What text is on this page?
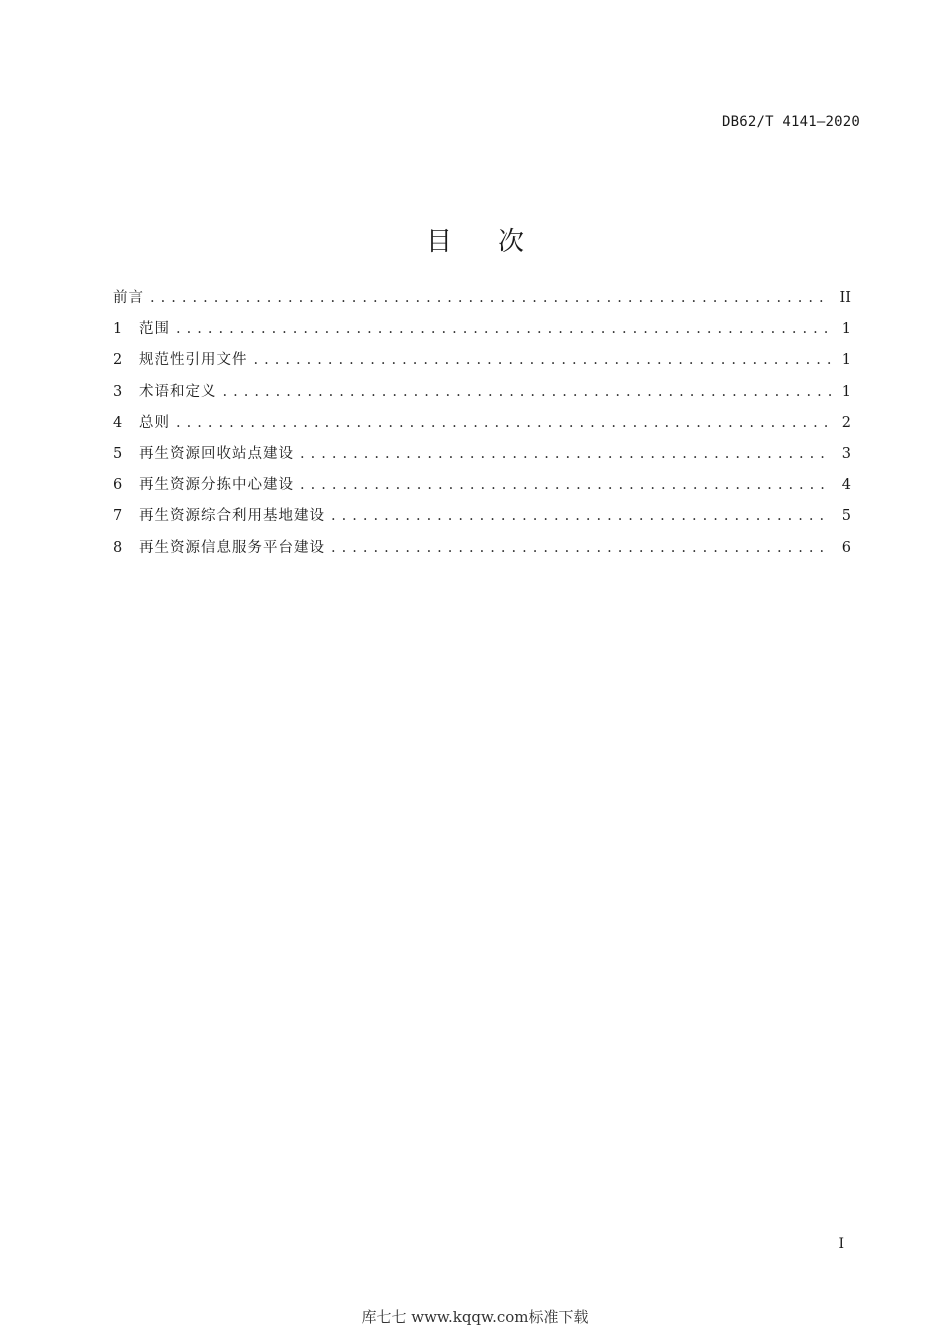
DB62/T 4141—2020
目次
前言 . . .	II
1	范围 . . .	1
2	规范性引用文件 . . .	1
3	术语和定义 . . .	1
4	总则 . . .	2
5	再生资源回收站点建设 . . .	3
6	再生资源分拣中心建设 . . .	4
7	再生资源综合利用基地建设 . . .	5
8	再生资源信息服务平台建设 . . .	6
I
库七七 www.kqqw.com标准下载
